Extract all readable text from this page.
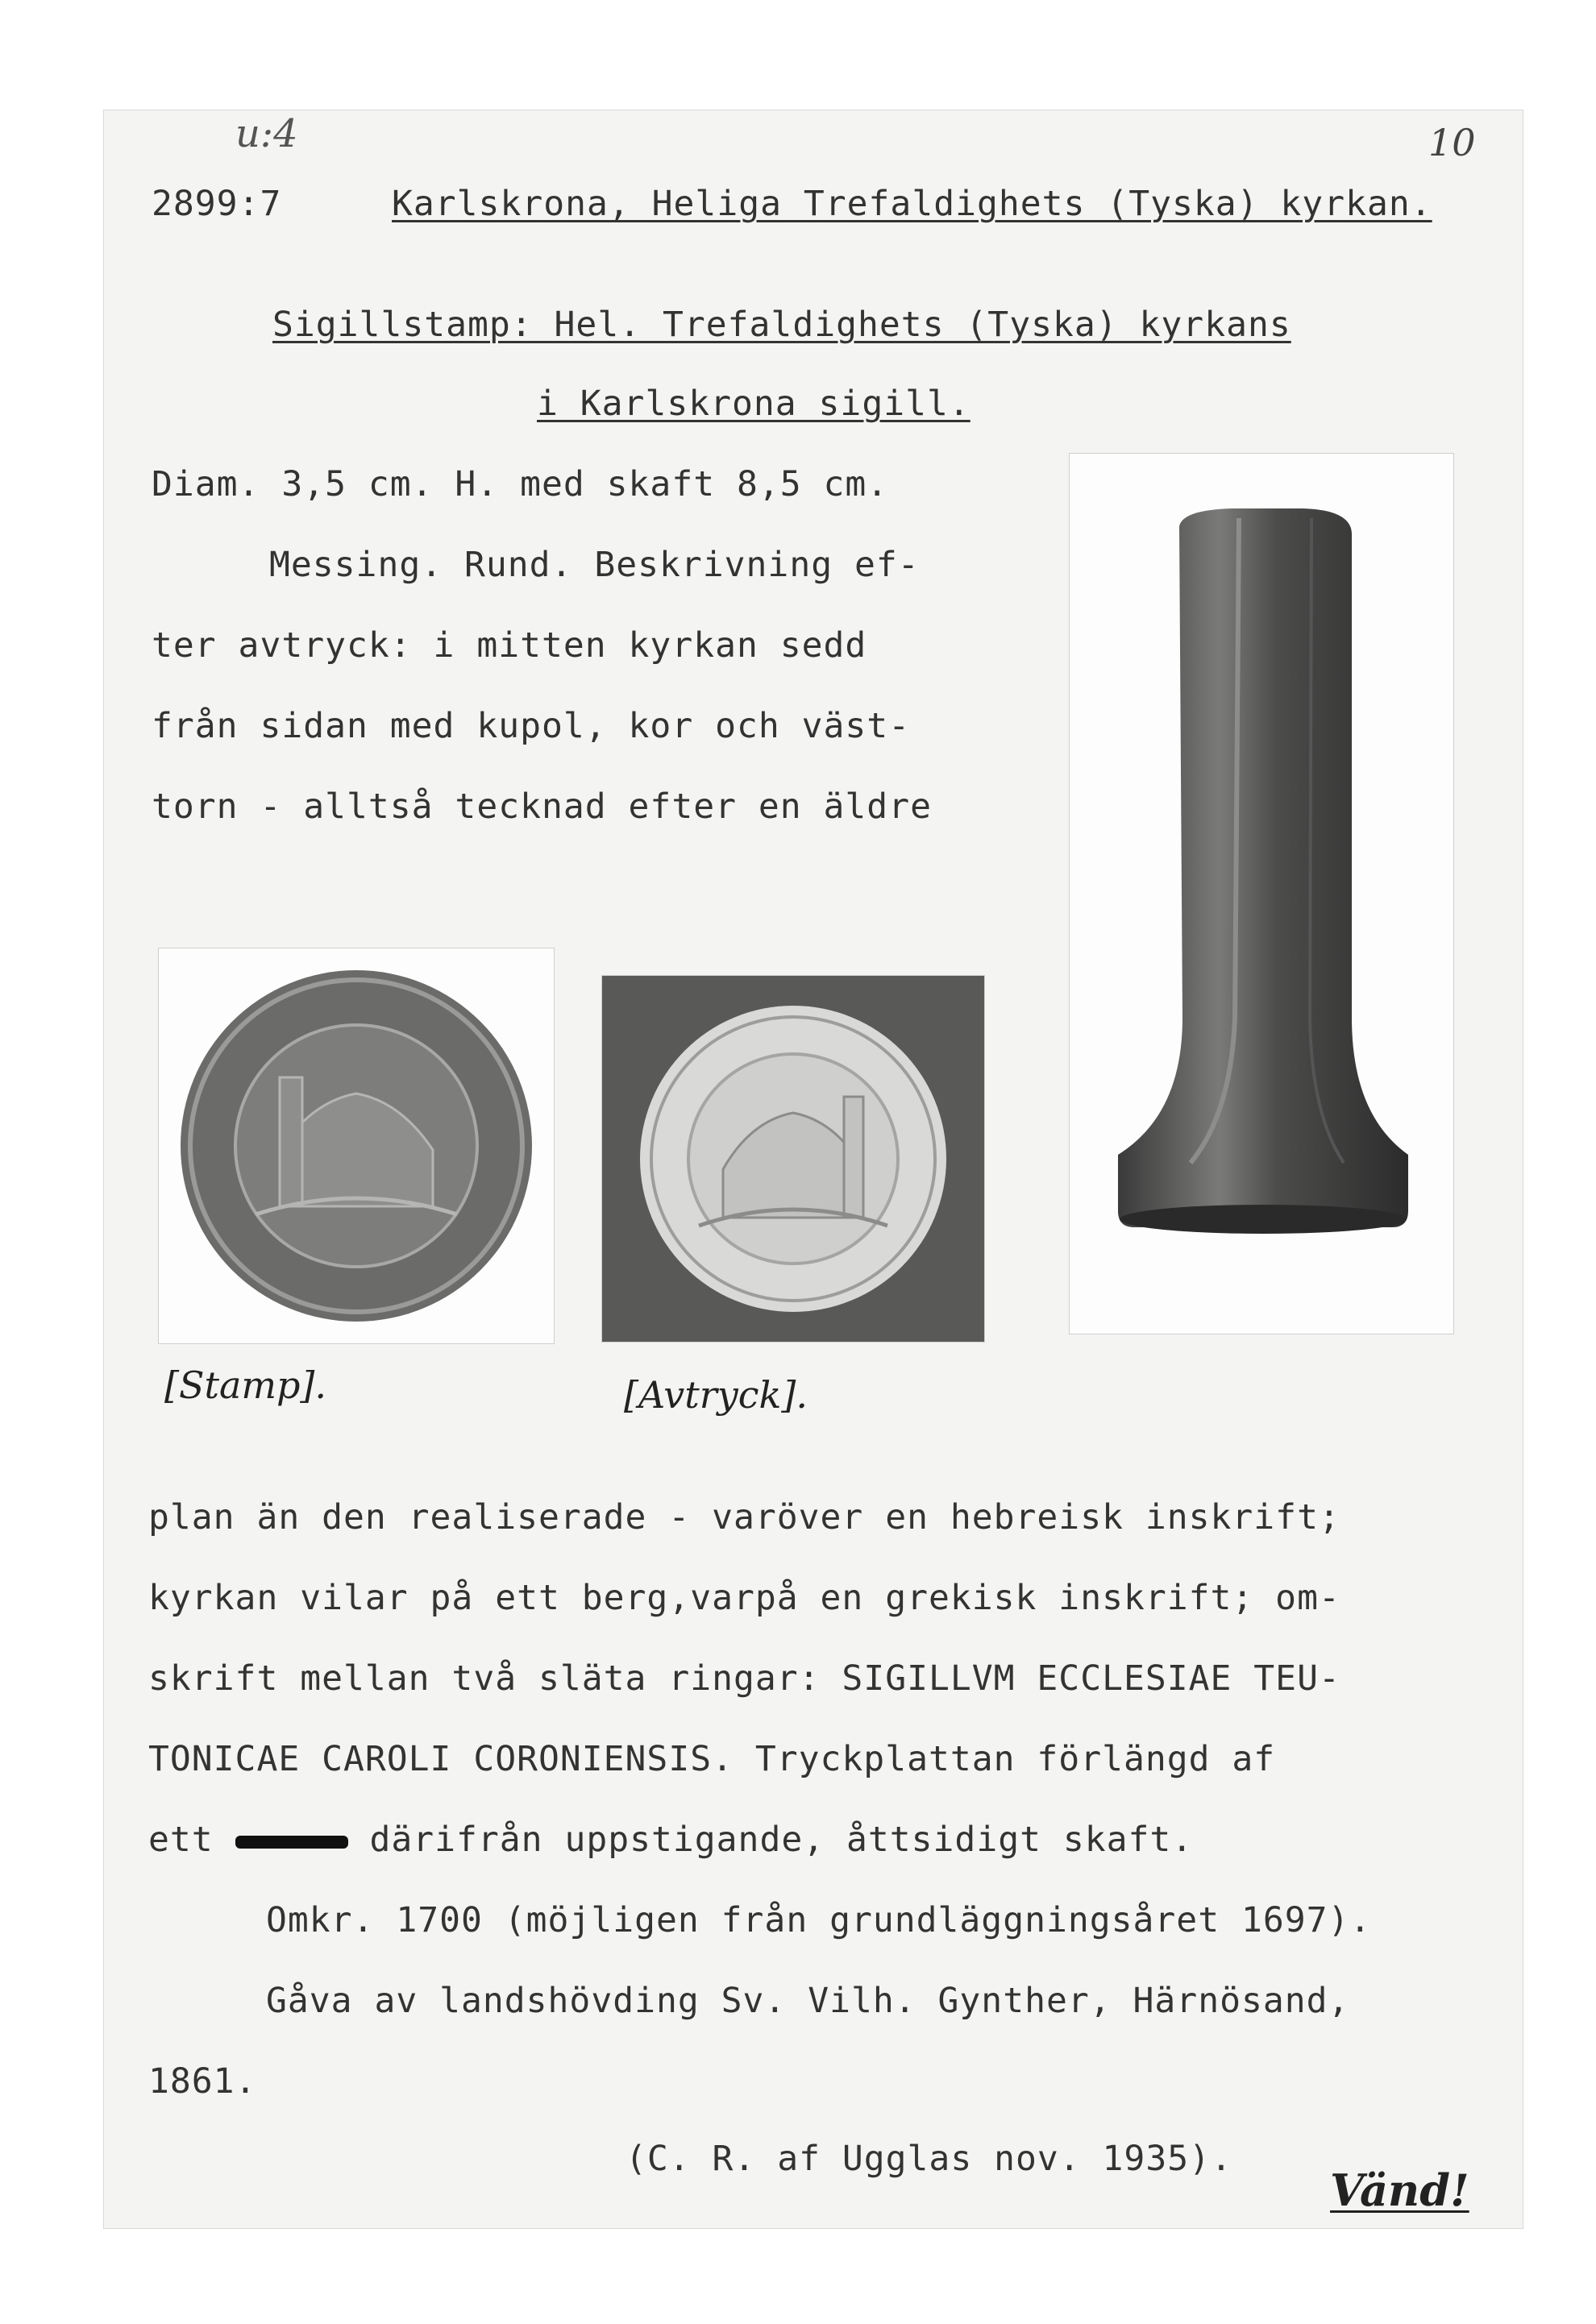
u:4	10
2899:7	Karlskrona, Heliga Trefaldighets (Tyska) kyrkan.
Sigillstamp: Hel. Trefaldighets (Tyska) kyrkans
i Karlskrona sigill.
Diam. 3,5 cm. H. med skaft 8,5 cm.
Messing. Rund. Beskrivning ef-
ter avtryck: i mitten kyrkan sedd
från sidan med kupol, kor och väst-
torn - alltså tecknad efter en äldre
[Stamp].	[Avtryck].
plan än den realiserade - varöver en hebreisk inskrift;
kyrkan vilar på ett berg,varpå en grekisk inskrift; om-
skrift mellan två släta ringar: SIGILLVM ECCLESIAE TEU-
TONICAE CAROLI CORONIENSIS. Tryckplattan förlängd af
ett	därifrån uppstigande, åttsidigt skaft.
Omkr. 1700 (möjligen från grundläggningsåret 1697).
Gåva av landshövding Sv. Vilh. Gynther, Härnösand,
1861.
(C. R. af Ugglas nov. 1935).
Vänd!
